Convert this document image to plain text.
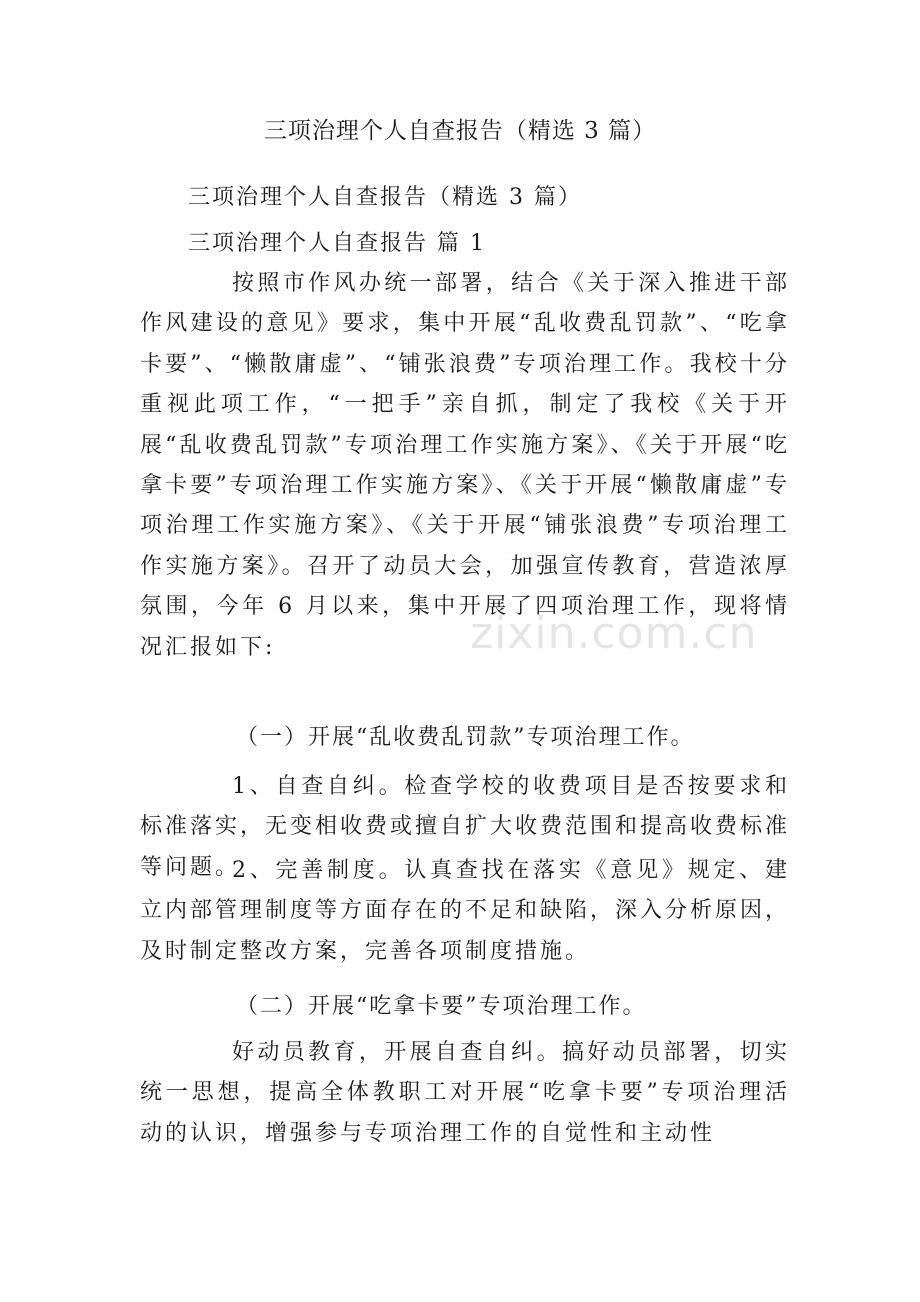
三项治理个人自查报告（精选 3 篇）
三项治理个人自查报告（精选 3 篇）
三项治理个人自查报告 篇 1
按照市作风办统一部署，结合《关于深入推进干部作风建设的意见》要求，集中开展“乱收费乱罚款”、“吃拿卡要”、“懒散庸虚”、“铺张浪费”专项治理工作。我校十分重视此项工作，“一把手”亲自抓，制定了我校《关于开展“乱收费乱罚款”专项治理工作实施方案》、《关于开展“吃拿卡要”专项治理工作实施方案》、《关于开展“懒散庸虚”专项治理工作实施方案》、《关于开展“铺张浪费”专项治理工作实施方案》。召开了动员大会，加强宣传教育，营造浓厚氛围，今年 6 月以来，集中开展了四项治理工作，现将情况汇报如下:
（一）开展“乱收费乱罚款”专项治理工作。
1、自查自纠。检查学校的收费项目是否按要求和标准落实，无变相收费或擅自扩大收费范围和提高收费标准等问题。
2、完善制度。认真查找在落实《意见》规定、建立内部管理制度等方面存在的不足和缺陷，深入分析原因，及时制定整改方案，完善各项制度措施。
（二）开展“吃拿卡要”专项治理工作。
好动员教育，开展自查自纠。搞好动员部署，切实统一思想，提高全体教职工对开展“吃拿卡要”专项治理活动的认识，增强参与专项治理工作的自觉性和主动性
zixin.com.cn
